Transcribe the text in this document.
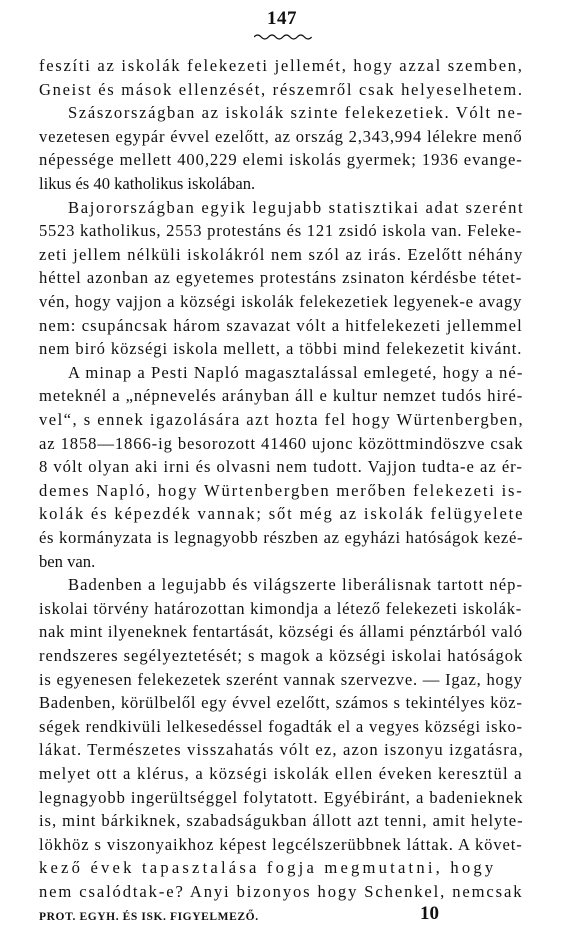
147
feszíti az iskolák felekezeti jellemét, hogy azzal szemben,
Gneist és mások ellenzését, részemről csak helyeselhetem.
Szászországban az iskolák szinte felekezetiek. Vólt ne-
vezetesen egypár évvel ezelőtt, az ország 2,343,994 lélekre menő
népessége mellett 400,229 elemi iskolás gyermek; 1936 evange-
likus és 40 katholikus iskolában.
Bajorországban egyik legujabb statisztikai adat szerént
5523 katholikus, 2553 protestáns és 121 zsidó iskola van. Feleke-
zeti jellem nélküli iskolákról nem szól az irás. Ezelőtt néhány
héttel azonban az egyetemes protestáns zsinaton kérdésbe tétet-
vén, hogy vajjon a községi iskolák felekezetiek legyenek-e avagy
nem: csupáncsak három szavazat vólt a hitfelekezeti jellemmel
nem biró községi iskola mellett, a többi mind felekezetit kivánt.
A minap a Pesti Napló magasztalással emlegeté, hogy a né-
meteknél a „népnevelés arányban áll e kultur nemzet tudós hiré-
vel“, s ennek igazolására azt hozta fel hogy Würtenbergben,
az 1858—1866-ig besorozott 41460 ujonc közöttmindöszve csak
8 vólt olyan aki irni és olvasni nem tudott. Vajjon tudta-e az ér-
demes Napló, hogy Würtenbergben merőben felekezeti is-
kolák és képezdék vannak; sőt még az iskolák felügyelete
és kormányzata is legnagyobb részben az egyházi hatóságok kezé-
ben van.
Badenben a legujabb és világszerte liberálisnak tartott nép-
iskolai törvény határozottan kimondja a létező felekezeti iskolák-
nak mint ilyeneknek fentartását, községi és állami pénztárból való
rendszeres segélyeztetését; s magok a községi iskolai hatóságok
is egyenesen felekezetek szerént vannak szervezve. — Igaz, hogy
Badenben, körülbelől egy évvel ezelőtt, számos s tekintélyes köz-
ségek rendkivüli lelkesedéssel fogadták el a vegyes községi isko-
lákat. Természetes visszahatás vólt ez, azon iszonyu izgatásra,
melyet ott a klérus, a községi iskolák ellen éveken keresztül a
legnagyobb ingerültséggel folytatott. Egyébiránt, a badenieknek
is, mint bárkiknek, szabadságukban állott azt tenni, amit helyte-
lökhöz s viszonyaikhoz képest legcélszerübbnek láttak. A követ-
kező évek tapasztalása fogja megmutatni, hogy
nem csalódtak-e? Anyi bizonyos hogy Schenkel, nemcsak
PROT. EGYH. ÉS ISK. FIGYELMEZŐ.	10
